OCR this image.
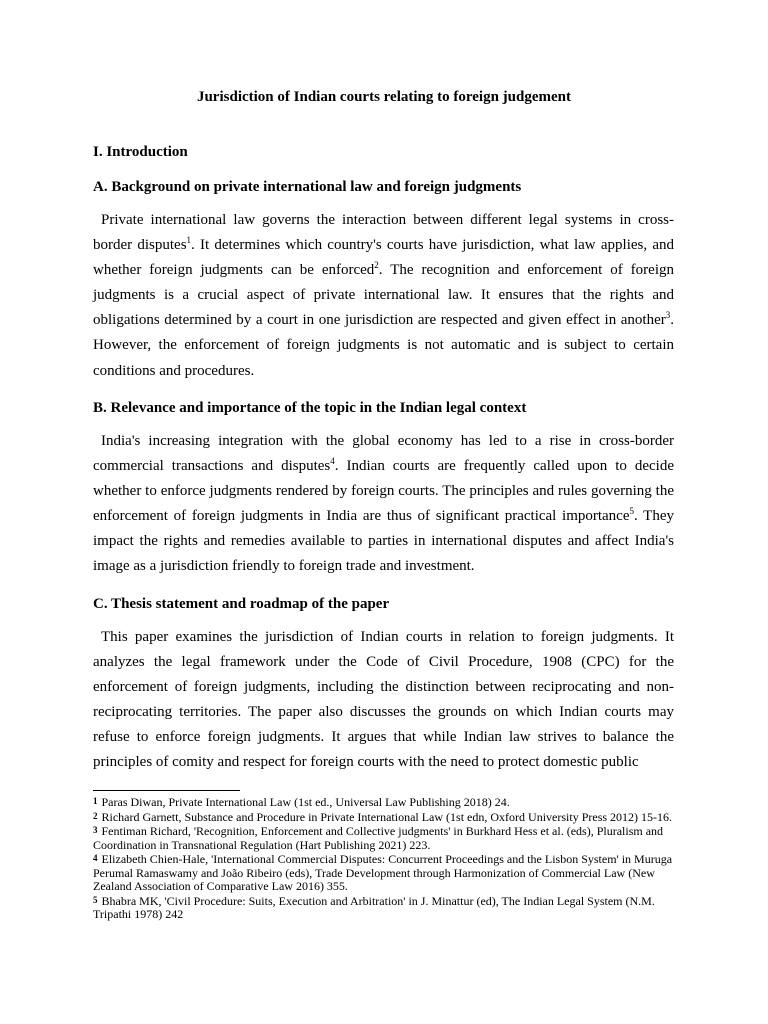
Jurisdiction of Indian courts relating to foreign judgement
I. Introduction
A. Background on private international law and foreign judgments

Private international law governs the interaction between different legal systems in cross-border disputes$^1$. It determines which country's courts have jurisdiction, what law applies, and whether foreign judgments can be enforced$^2$. The recognition and enforcement of foreign judgments is a crucial aspect of private international law. It ensures that the rights and obligations determined by a court in one jurisdiction are respected and given effect in another$^3$. However, the enforcement of foreign judgments is not automatic and is subject to certain conditions and procedures.

B. Relevance and importance of the topic in the Indian legal context

India's increasing integration with the global economy has led to a rise in cross-border commercial transactions and disputes$^4$. Indian courts are frequently called upon to decide whether to enforce judgments rendered by foreign courts. The principles and rules governing the enforcement of foreign judgments in India are thus of significant practical importance$^5$. They impact the rights and remedies available to parties in international disputes and affect India's image as a jurisdiction friendly to foreign trade and investment.

C. Thesis statement and roadmap of the paper

This paper examines the jurisdiction of Indian courts in relation to foreign judgments. It analyzes the legal framework under the Code of Civil Procedure, 1908 (CPC) for the enforcement of foreign judgments, including the distinction between reciprocating and non-reciprocating territories. The paper also discusses the grounds on which Indian courts may refuse to enforce foreign judgments. It argues that while Indian law strives to balance the principles of comity and respect for foreign courts with the need to protect domestic public

1 Paras Diwan, Private International Law (1st ed., Universal Law Publishing 2018) 24.

2 Richard Garnett, Substance and Procedure in Private International Law (1st edn, Oxford University Press 2012) 15-16.

3 Fentiman Richard, 'Recognition, Enforcement and Collective judgments' in Burkhard Hess et al. (eds), Pluralism and Coordination in Transnational Regulation (Hart Publishing 2021) 223.

4 Elizabeth Chien-Hale, 'International Commercial Disputes: Concurrent Proceedings and the Lisbon System' in Muruga Perumal Ramaswamy and João Ribeiro (eds), Trade Development through Harmonization of Commercial Law (New Zealand Association of Comparative Law 2016) 355.

5 Bhabra MK, 'Civil Procedure: Suits, Execution and Arbitration' in J. Minattur (ed), The Indian Legal System (N.M. Tripathi 1978) 242
